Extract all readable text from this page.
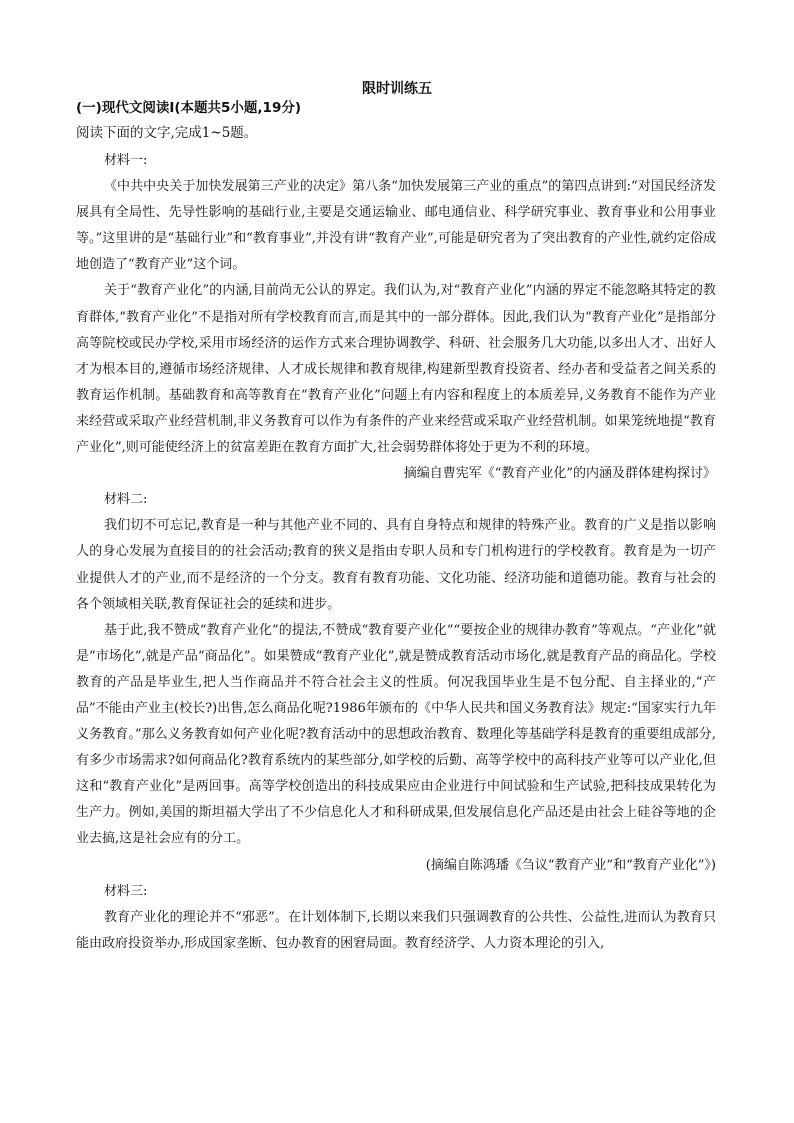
限时训练五
(一)现代文阅读Ⅰ(本题共5小题,19分)
阅读下面的文字,完成1~5题。
材料一:
《中共中央关于加快发展第三产业的决定》第八条“加快发展第三产业的重点”的第四点讲到:“对国民经济发展具有全局性、先导性影响的基础行业,主要是交通运输业、邮电通信业、科学研究事业、教育事业和公用事业等。”这里讲的是“基础行业”和“教育事业”,并没有讲“教育产业”,可能是研究者为了突出教育的产业性,就约定俗成地创造了“教育产业”这个词。
关于“教育产业化”的内涵,目前尚无公认的界定。我们认为,对“教育产业化”内涵的界定不能忽略其特定的教育群体,“教育产业化”不是指对所有学校教育而言,而是其中的一部分群体。因此,我们认为“教育产业化”是指部分高等院校或民办学校,采用市场经济的运作方式来合理协调教学、科研、社会服务几大功能,以多出人才、出好人才为根本目的,遵循市场经济规律、人才成长规律和教育规律,构建新型教育投资者、经办者和受益者之间关系的教育运作机制。基础教育和高等教育在“教育产业化”问题上有内容和程度上的本质差异,义务教育不能作为产业来经营或采取产业经营机制,非义务教育可以作为有条件的产业来经营或采取产业经营机制。如果笼统地提“教育产业化”,则可能使经济上的贫富差距在教育方面扩大,社会弱势群体将处于更为不利的环境。
摘编自曹宪军《“教育产业化”的内涵及群体建构探讨》
材料二:
我们切不可忘记,教育是一种与其他产业不同的、具有自身特点和规律的特殊产业。教育的广义是指以影响人的身心发展为直接目的的社会活动;教育的狭义是指由专职人员和专门机构进行的学校教育。教育是为一切产业提供人才的产业,而不是经济的一个分支。教育有教育功能、文化功能、经济功能和道德功能。教育与社会的各个领域相关联,教育保证社会的延续和进步。
基于此,我不赞成“教育产业化”的提法,不赞成“教育要产业化”“要按企业的规律办教育”等观点。“产业化”就是“市场化”,就是产品“商品化”。如果赞成“教育产业化”,就是赞成教育活动市场化,就是教育产品的商品化。学校教育的产品是毕业生,把人当作商品并不符合社会主义的性质。何况我国毕业生是不包分配、自主择业的,“产品”不能由产业主(校长?)出售,怎么商品化呢?1986年颁布的《中华人民共和国义务教育法》规定:“国家实行九年义务教育。”那么义务教育如何产业化呢?教育活动中的思想政治教育、数理化等基础学科是教育的重要组成部分,有多少市场需求?如何商品化?教育系统内的某些部分,如学校的后勤、高等学校中的高科技产业等可以产业化,但这和“教育产业化”是两回事。高等学校创造出的科技成果应由企业进行中间试验和生产试验,把科技成果转化为生产力。例如,美国的斯坦福大学出了不少信息化人才和科研成果,但发展信息化产品还是由社会上硅谷等地的企业去搞,这是社会应有的分工。
(摘编自陈鸿璠《刍议“教育产业”和“教育产业化”》)
材料三:
教育产业化的理论并不“邪恶”。在计划体制下,长期以来我们只强调教育的公共性、公益性,进而认为教育只能由政府投资举办,形成国家垄断、包办教育的困窘局面。教育经济学、人力资本理论的引入,
